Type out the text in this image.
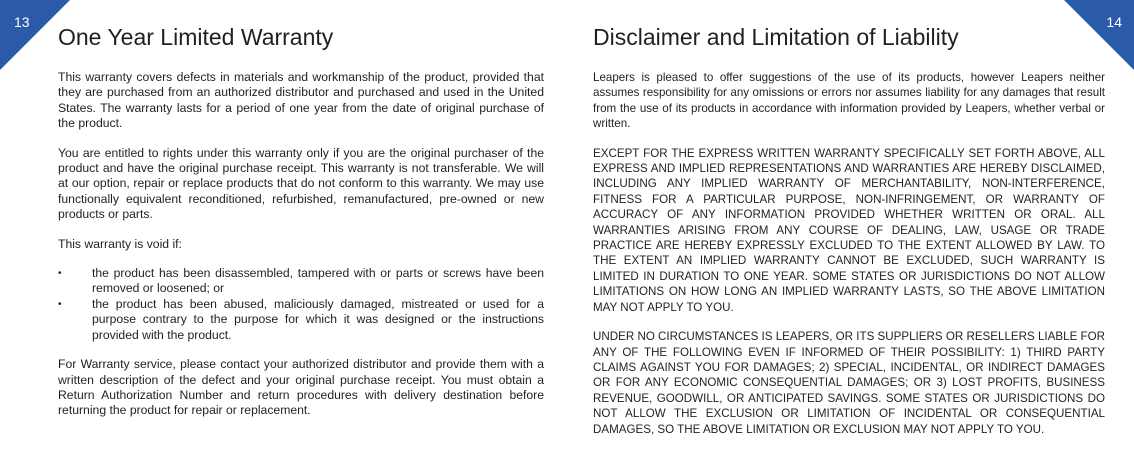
13	14
One Year Limited Warranty

This warranty covers defects in materials and workmanship of the product, provided that they are purchased from an authorized distributor and purchased and used in the United States. The warranty lasts for a period of one year from the date of original purchase of the product.

You are entitled to rights under this warranty only if you are the original purchaser of the product and have the original purchase receipt. This warranty is not transferable. We will at our option, repair or replace products that do not conform to this warranty. We may use functionally equivalent reconditioned, refurbished, remanufactured, pre-owned or new products or parts.

This warranty is void if:

• the product has been disassembled, tampered with or parts or screws have been removed or loosened; or
• the product has been abused, maliciously damaged, mistreated or used for a purpose contrary to the purpose for which it was designed or the instructions provided with the product.

For Warranty service, please contact your authorized distributor and provide them with a written description of the defect and your original purchase receipt. You must obtain a Return Authorization Number and return procedures with delivery destination before returning the product for repair or replacement.

Disclaimer and Limitation of Liability

Leapers is pleased to offer suggestions of the use of its products, however Leapers neither assumes responsibility for any omissions or errors nor assumes liability for any damages that result from the use of its products in accordance with information provided by Leapers, whether verbal or written.

EXCEPT FOR THE EXPRESS WRITTEN WARRANTY SPECIFICALLY SET FORTH ABOVE, ALL EXPRESS AND IMPLIED REPRESENTATIONS AND WARRANTIES ARE HEREBY DISCLAIMED, INCLUDING ANY IMPLIED WARRANTY OF MERCHANTABILITY, NON-INTERFERENCE, FITNESS FOR A PARTICULAR PURPOSE, NON-INFRINGEMENT, OR WARRANTY OF ACCURACY OF ANY INFORMATION PROVIDED WHETHER WRITTEN OR ORAL. ALL WARRANTIES ARISING FROM ANY COURSE OF DEALING, LAW, USAGE OR TRADE PRACTICE ARE HEREBY EXPRESSLY EXCLUDED TO THE EXTENT ALLOWED BY LAW. TO THE EXTENT AN IMPLIED WARRANTY CANNOT BE EXCLUDED, SUCH WARRANTY IS LIMITED IN DURATION TO ONE YEAR. SOME STATES OR JURISDICTIONS DO NOT ALLOW LIMITATIONS ON HOW LONG AN IMPLIED WARRANTY LASTS, SO THE ABOVE LIMITATION MAY NOT APPLY TO YOU.

UNDER NO CIRCUMSTANCES IS LEAPERS, OR ITS SUPPLIERS OR RESELLERS LIABLE FOR ANY OF THE FOLLOWING EVEN IF INFORMED OF THEIR POSSIBILITY: 1) THIRD PARTY CLAIMS AGAINST YOU FOR DAMAGES; 2) SPECIAL, INCIDENTAL, OR INDIRECT DAMAGES OR FOR ANY ECONOMIC CONSEQUENTIAL DAMAGES; OR 3) LOST PROFITS, BUSINESS REVENUE, GOODWILL, OR ANTICIPATED SAVINGS. SOME STATES OR JURISDICTIONS DO NOT ALLOW THE EXCLUSION OR LIMITATION OF INCIDENTAL OR CONSEQUENTIAL DAMAGES, SO THE ABOVE LIMITATION OR EXCLUSION MAY NOT APPLY TO YOU.
